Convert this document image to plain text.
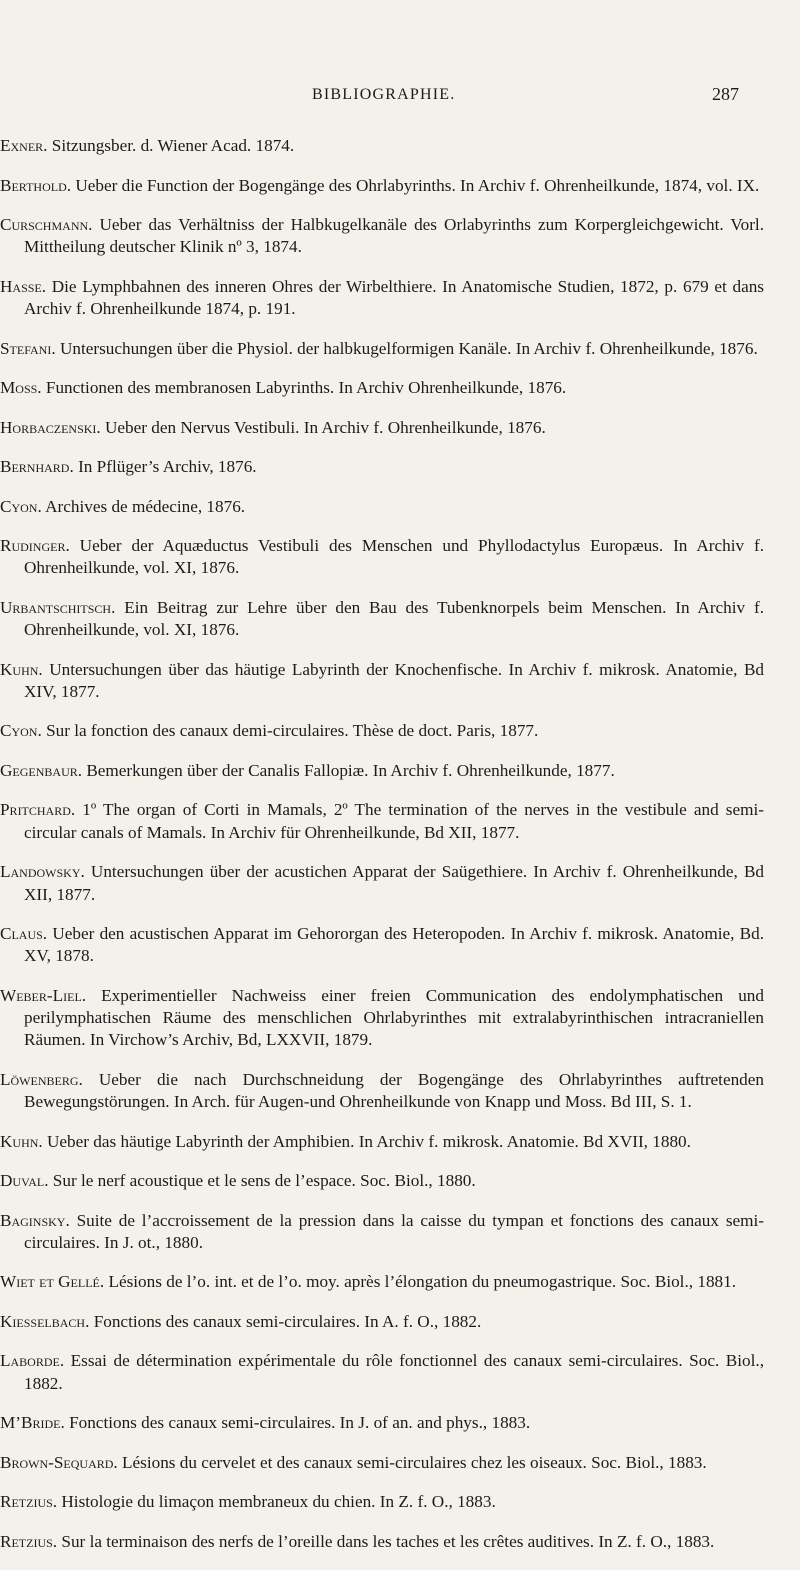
BIBLIOGRAPHIE.	287

Exner. Sitzungsber. d. Wiener Acad. 1874.

Berthold. Ueber die Function der Bogengänge des Ohrlabyrinths. In Archiv f. Ohrenheilkunde, 1874, vol. IX.

Curschmann. Ueber das Verhältniss der Halbkugelkanäle des Orlabyrinths zum Korpergleichgewicht. Vorl. Mittheilung deutscher Klinik nº 3, 1874.

Hasse. Die Lymphbahnen des inneren Ohres der Wirbelthiere. In Anatomische Studien, 1872, p. 679 et dans Archiv f. Ohrenheilkunde 1874, p. 191.

Stefani. Untersuchungen über die Physiol. der halbkugelformigen Kanäle. In Archiv f. Ohrenheilkunde, 1876.

Moss. Functionen des membranosen Labyrinths. In Archiv Ohrenheilkunde, 1876.

Horbaczenski. Ueber den Nervus Vestibuli. In Archiv f. Ohrenheilkunde, 1876.

Bernhard. In Pflüger’s Archiv, 1876.

Cyon. Archives de médecine, 1876.

Rudinger. Ueber der Aquæductus Vestibuli des Menschen und Phyllodactylus Europæus. In Archiv f. Ohrenheilkunde, vol. XI, 1876.

Urbantschitsch. Ein Beitrag zur Lehre über den Bau des Tubenknorpels beim Menschen. In Archiv f. Ohrenheilkunde, vol. XI, 1876.

Kuhn. Untersuchungen über das häutige Labyrinth der Knochenfische. In Archiv f. mikrosk. Anatomie, Bd XIV, 1877.

Cyon. Sur la fonction des canaux demi-circulaires. Thèse de doct. Paris, 1877.

Gegenbaur. Bemerkungen über der Canalis Fallopiæ. In Archiv f. Ohrenheilkunde, 1877.

Pritchard. 1º The organ of Corti in Mamals, 2º The termination of the nerves in the vestibule and semi-circular canals of Mamals. In Archiv für Ohrenheilkunde, Bd XII, 1877.

Landowsky. Untersuchungen über der acustichen Apparat der Saügethiere. In Archiv f. Ohrenheilkunde, Bd XII, 1877.

Claus. Ueber den acustischen Apparat im Gehororgan des Heteropoden. In Archiv f. mikrosk. Anatomie, Bd. XV, 1878.

Weber-Liel. Experimentieller Nachweiss einer freien Communication des endolymphatischen und perilymphatischen Räume des menschlichen Ohrlabyrinthes mit extralabyrinthischen intracraniellen Räumen. In Virchow’s Archiv, Bd, LXXVII, 1879.

Löwenberg. Ueber die nach Durchschneidung der Bogengänge des Ohrlabyrinthes auftretenden Bewegungstörungen. In Arch. für Augen-und Ohrenheilkunde von Knapp und Moss. Bd III, S. 1.

Kuhn. Ueber das häutige Labyrinth der Amphibien. In Archiv f. mikrosk. Anatomie. Bd XVII, 1880.

Duval. Sur le nerf acoustique et le sens de l’espace. Soc. Biol., 1880.

Baginsky. Suite de l’accroissement de la pression dans la caisse du tympan et fonctions des canaux semi-circulaires. In J. ot., 1880.

Wiet et Gellé. Lésions de l’o. int. et de l’o. moy. après l’élongation du pneumogastrique. Soc. Biol., 1881.

Kiesselbach. Fonctions des canaux semi-circulaires. In A. f. O., 1882.

Laborde. Essai de détermination expérimentale du rôle fonctionnel des canaux semi-circulaires. Soc. Biol., 1882.

M’Bride. Fonctions des canaux semi-circulaires. In J. of an. and phys., 1883.

Brown-Sequard. Lésions du cervelet et des canaux semi-circulaires chez les oiseaux. Soc. Biol., 1883.

Retzius. Histologie du limaçon membraneux du chien. In Z. f. O., 1883.

Retzius. Sur la terminaison des nerfs de l’oreille dans les taches et les crêtes auditives. In Z. f. O., 1883.
